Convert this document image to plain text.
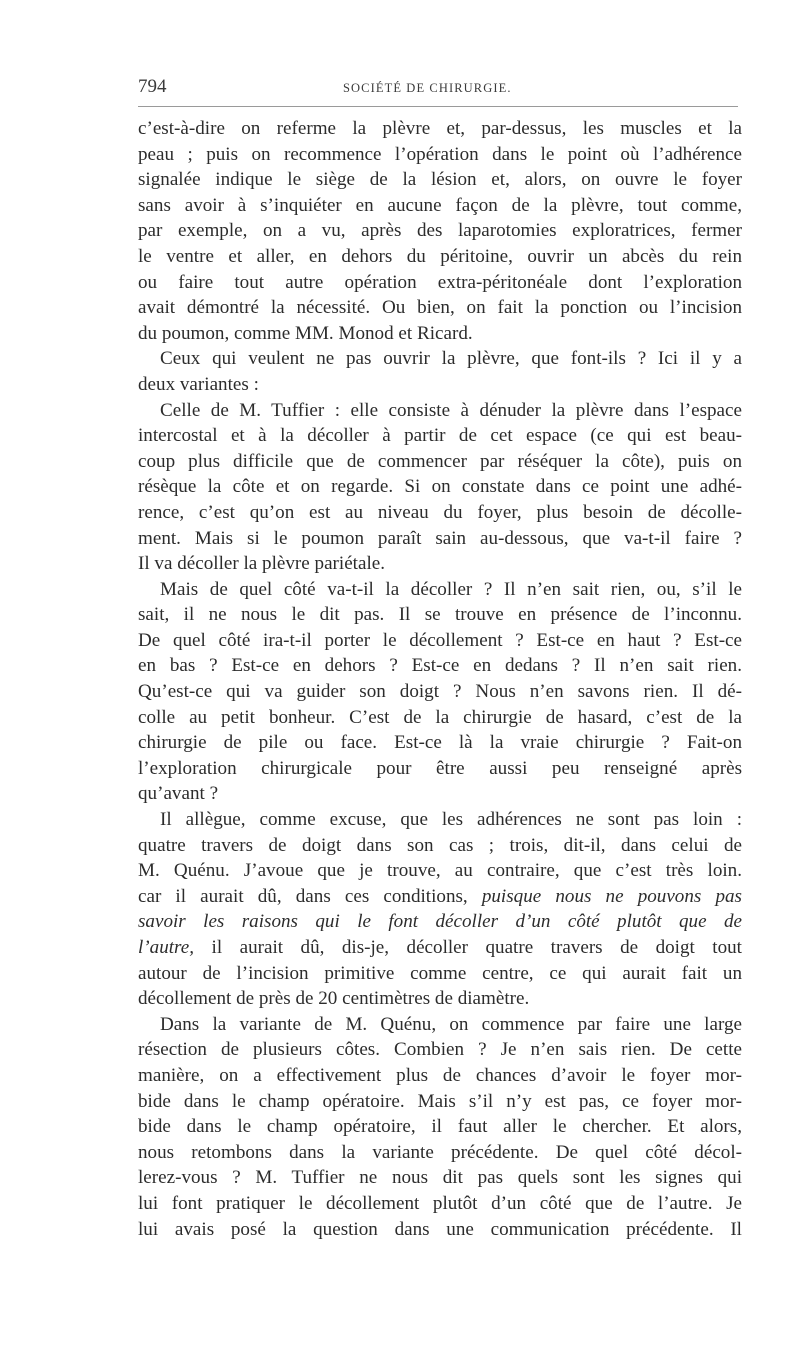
794	SOCIÉTÉ DE CHIRURGIE.

c’est-à-dire on referme la plèvre et, par-dessus, les muscles et la
peau ; puis on recommence l’opération dans le point où l’adhérence
signalée indique le siège de la lésion et, alors, on ouvre le foyer
sans avoir à s’inquiéter en aucune façon de la plèvre, tout comme,
par exemple, on a vu, après des laparotomies exploratrices, fermer
le ventre et aller, en dehors du péritoine, ouvrir un abcès du rein
ou faire tout autre opération extra-péritonéale dont l’exploration
avait démontré la nécessité. Ou bien, on fait la ponction ou l’incision
du poumon, comme MM. Monod et Ricard.

Ceux qui veulent ne pas ouvrir la plèvre, que font-ils ? Ici il y a
deux variantes :

Celle de M. Tuffier : elle consiste à dénuder la plèvre dans l’espace
intercostal et à la décoller à partir de cet espace (ce qui est beau-
coup plus difficile que de commencer par réséquer la côte), puis on
résèque la côte et on regarde. Si on constate dans ce point une adhé-
rence, c’est qu’on est au niveau du foyer, plus besoin de décolle-
ment. Mais si le poumon paraît sain au-dessous, que va-t-il faire ?
Il va décoller la plèvre pariétale.

Mais de quel côté va-t-il la décoller ? Il n’en sait rien, ou, s’il le
sait, il ne nous le dit pas. Il se trouve en présence de l’inconnu.
De quel côté ira-t-il porter le décollement ? Est-ce en haut ? Est-ce
en bas ? Est-ce en dehors ? Est-ce en dedans ? Il n’en sait rien.
Qu’est-ce qui va guider son doigt ? Nous n’en savons rien. Il dé-
colle au petit bonheur. C’est de la chirurgie de hasard, c’est de la
chirurgie de pile ou face. Est-ce là la vraie chirurgie ? Fait-on
l’exploration chirurgicale pour être aussi peu renseigné après
qu’avant ?

Il allègue, comme excuse, que les adhérences ne sont pas loin :
quatre travers de doigt dans son cas ; trois, dit-il, dans celui de
M. Quénu. J’avoue que je trouve, au contraire, que c’est très loin.
car il aurait dû, dans ces conditions, puisque nous ne pouvons pas
savoir les raisons qui le font décoller d’un côté plutôt que de
l’autre, il aurait dû, dis-je, décoller quatre travers de doigt tout
autour de l’incision primitive comme centre, ce qui aurait fait un
décollement de près de 20 centimètres de diamètre.

Dans la variante de M. Quénu, on commence par faire une large
résection de plusieurs côtes. Combien ? Je n’en sais rien. De cette
manière, on a effectivement plus de chances d’avoir le foyer mor-
bide dans le champ opératoire. Mais s’il n’y est pas, ce foyer mor-
bide dans le champ opératoire, il faut aller le chercher. Et alors,
nous retombons dans la variante précédente. De quel côté décol-
lerez-vous ? M. Tuffier ne nous dit pas quels sont les signes qui
lui font pratiquer le décollement plutôt d’un côté que de l’autre. Je
lui avais posé la question dans une communication précédente. Il
